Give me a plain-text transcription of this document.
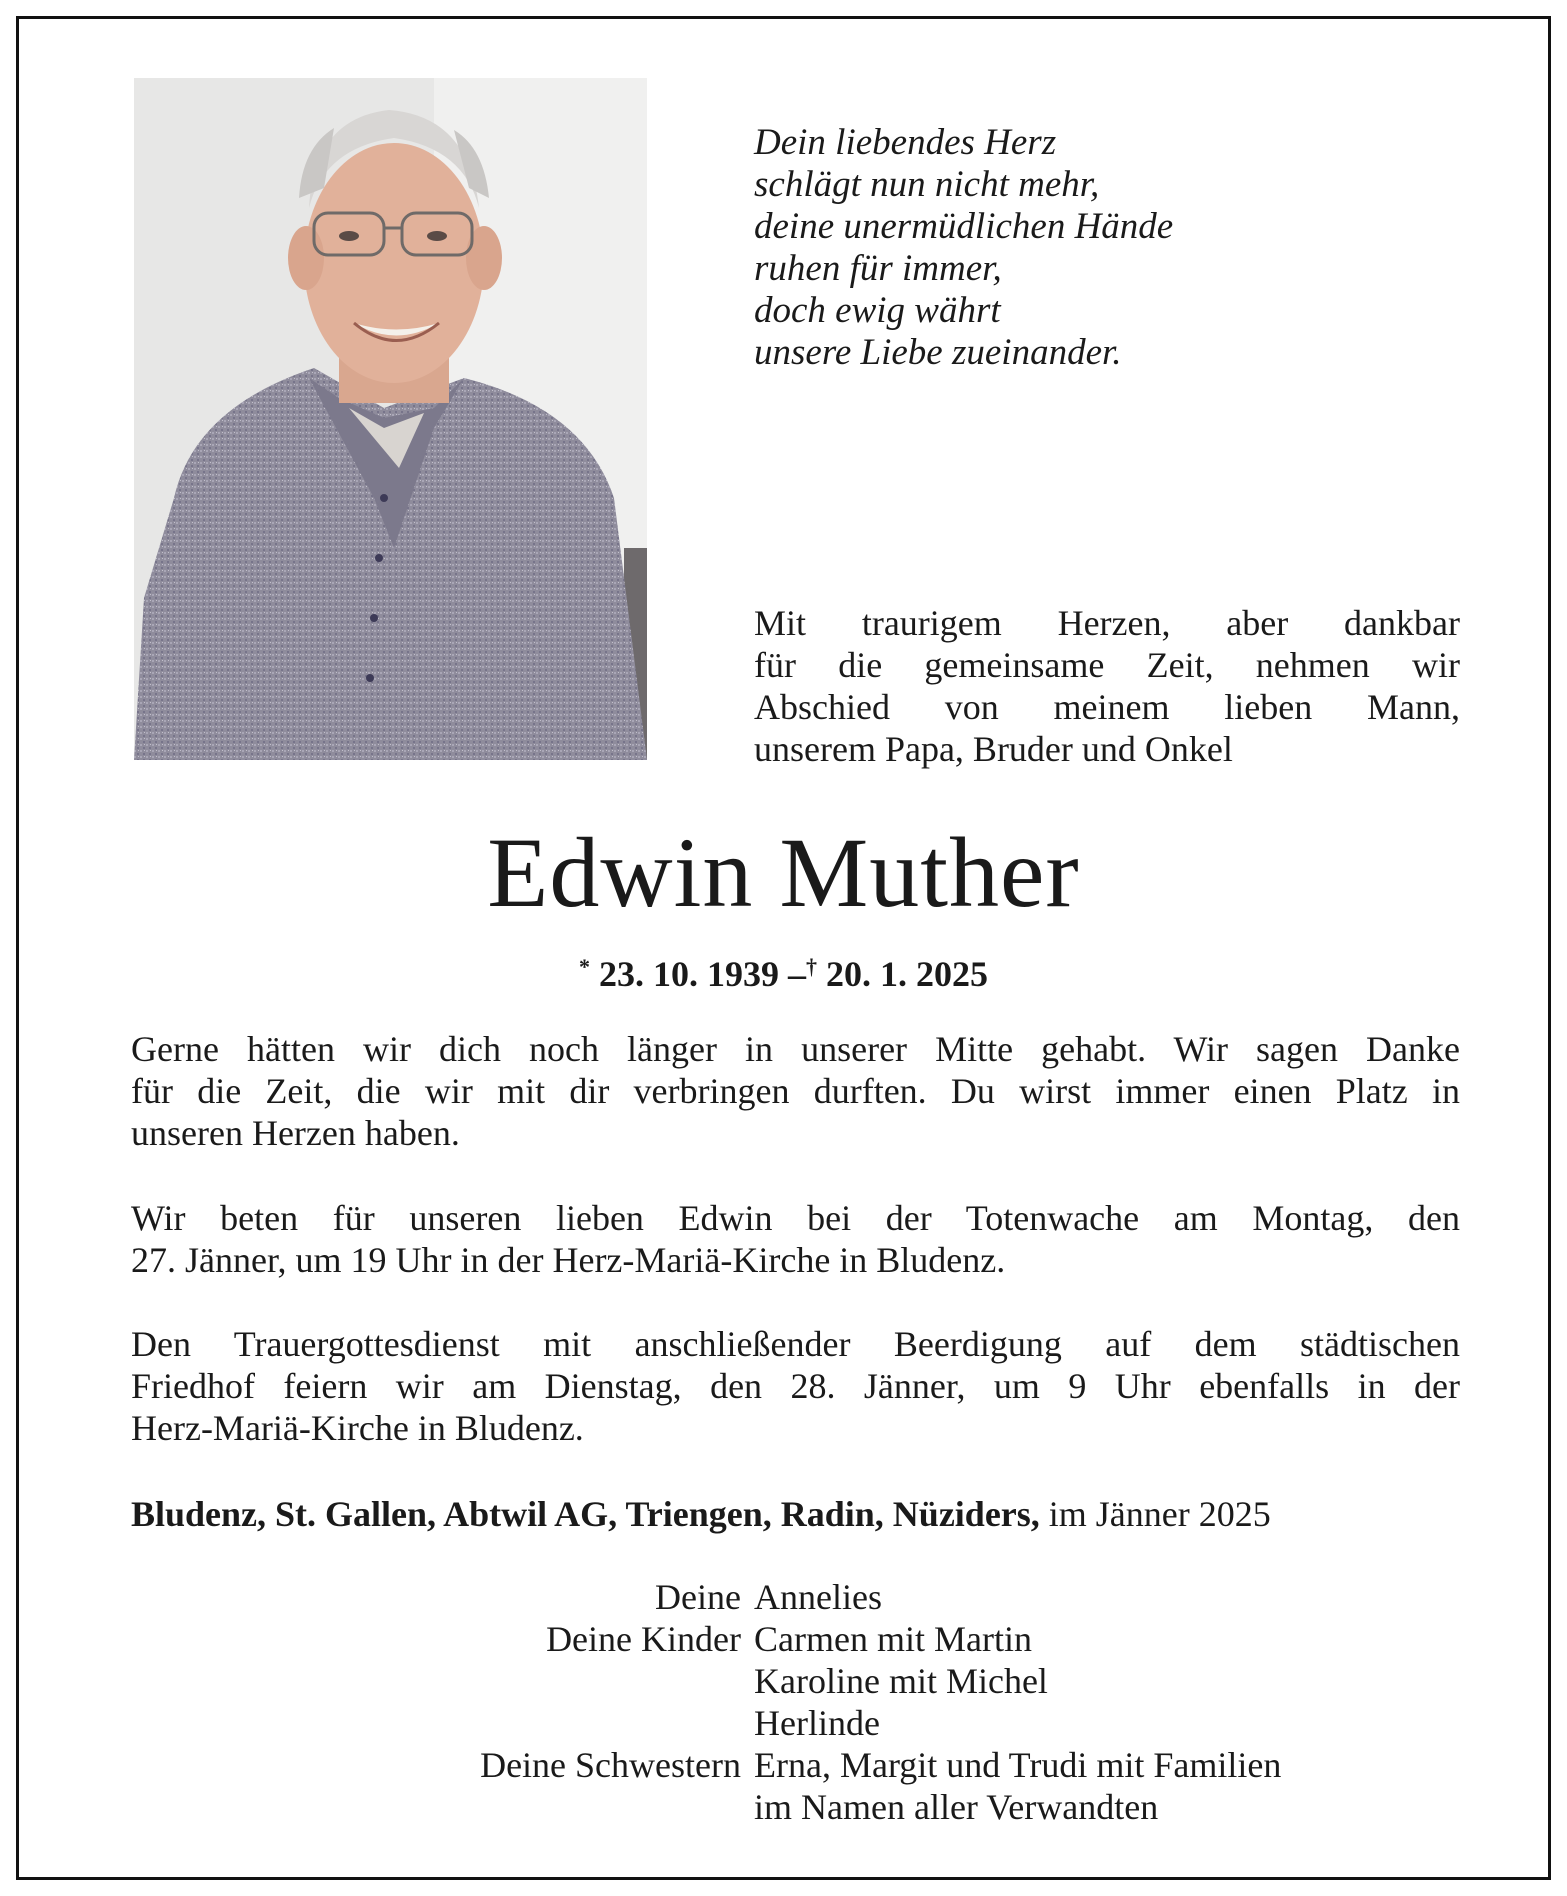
Dein liebendes Herz
schlägt nun nicht mehr,
deine unermüdlichen Hände
ruhen für immer,
doch ewig währt
unsere Liebe zueinander.
Mit traurigem Herzen, aber dankbar
für die gemeinsame Zeit, nehmen wir
Abschied von meinem lieben Mann,
unserem Papa, Bruder und Onkel
Edwin Muther
* 23. 10. 1939 –† 20. 1. 2025
Gerne hätten wir dich noch länger in unserer Mitte gehabt. Wir sagen Danke
für die Zeit, die wir mit dir verbringen durften. Du wirst immer einen Platz in
unseren Herzen haben.
Wir beten für unseren lieben Edwin bei der Totenwache am Montag, den
27. Jänner, um 19 Uhr in der Herz-Mariä-Kirche in Bludenz.
Den Trauergottesdienst mit anschließender Beerdigung auf dem städtischen
Friedhof feiern wir am Dienstag, den 28. Jänner, um 9 Uhr ebenfalls in der
Herz-Mariä-Kirche in Bludenz.
Bludenz, St. Gallen, Abtwil AG, Triengen, Radin, Nüziders, im Jänner 2025
Deine Annelies
Deine Kinder Carmen mit Martin
Karoline mit Michel
Herlinde
Deine Schwestern Erna, Margit und Trudi mit Familien
im Namen aller Verwandten
